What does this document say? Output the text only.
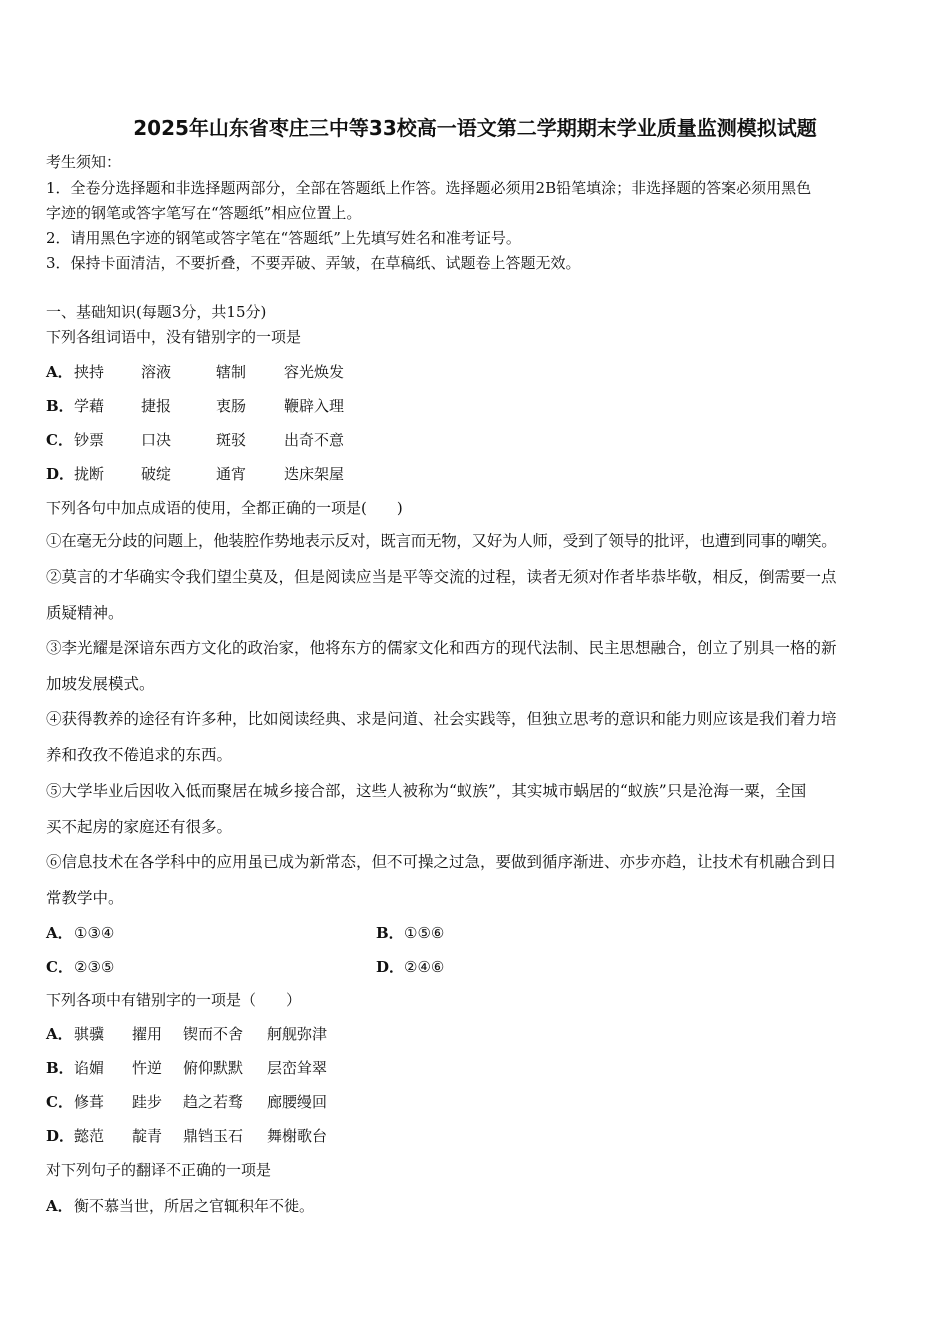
2025年山东省枣庄三中等33校高一语文第二学期期末学业质量监测模拟试题
考生须知：
1．全卷分选择题和非选择题两部分，全部在答题纸上作答。选择题必须用2B铅笔填涂；非选择题的答案必须用黑色
字迹的钢笔或答字笔写在“答题纸”相应位置上。
2．请用黑色字迹的钢笔或答字笔在“答题纸”上先填写姓名和准考证号。
3．保持卡面清洁，不要折叠，不要弄破、弄皱，在草稿纸、试题卷上答题无效。
一、基础知识(每题3分，共15分)
下列各组词语中，没有错别字的一项是
A．挟持 溶液	辖制	容光焕发
B．学藉 捷报	衷肠	鞭辟入理
C．钞票 口决	斑驳	出奇不意
D．拢断 破绽	通宵	迭床架屋
下列各句中加点成语的使用，全都正确的一项是(　　)
①在毫无分歧的问题上，他装腔作势地表示反对，既言而无物，又好为人师，受到了领导的批评，也遭到同事的嘲笑。
②莫言的才华确实令我们望尘莫及，但是阅读应当是平等交流的过程，读者无须对作者毕恭毕敬，相反，倒需要一点
质疑精神。
③李光耀是深谙东西方文化的政治家，他将东方的儒家文化和西方的现代法制、民主思想融合，创立了别具一格的新
加坡发展模式。
④获得教养的途径有许多种，比如阅读经典、求是问道、社会实践等，但独立思考的意识和能力则应该是我们着力培
养和孜孜不倦追求的东西。
⑤大学毕业后因收入低而聚居在城乡接合部，这些人被称为“蚁族”，其实城市蜗居的“蚁族”只是沧海一粟，全国
买不起房的家庭还有很多。
⑥信息技术在各学科中的应用虽已成为新常态，但不可操之过急，要做到循序渐进、亦步亦趋，让技术有机融合到日
常教学中。
A．①③④	B．①⑤⑥
C．②③⑤	D．②④⑥
下列各项中有错别字的一项是（　　）
A．骐骥 擢用 锲而不舍 舸舰弥津
B．谄媚 忤逆 俯仰默默 层峦耸翠
C．修葺 跬步 趋之若骛 廊腰缦回
D．懿范 靛青 鼎铛玉石 舞榭歌台
对下列句子的翻译不正确的一项是
A．衡不慕当世，所居之官辄积年不徙。
